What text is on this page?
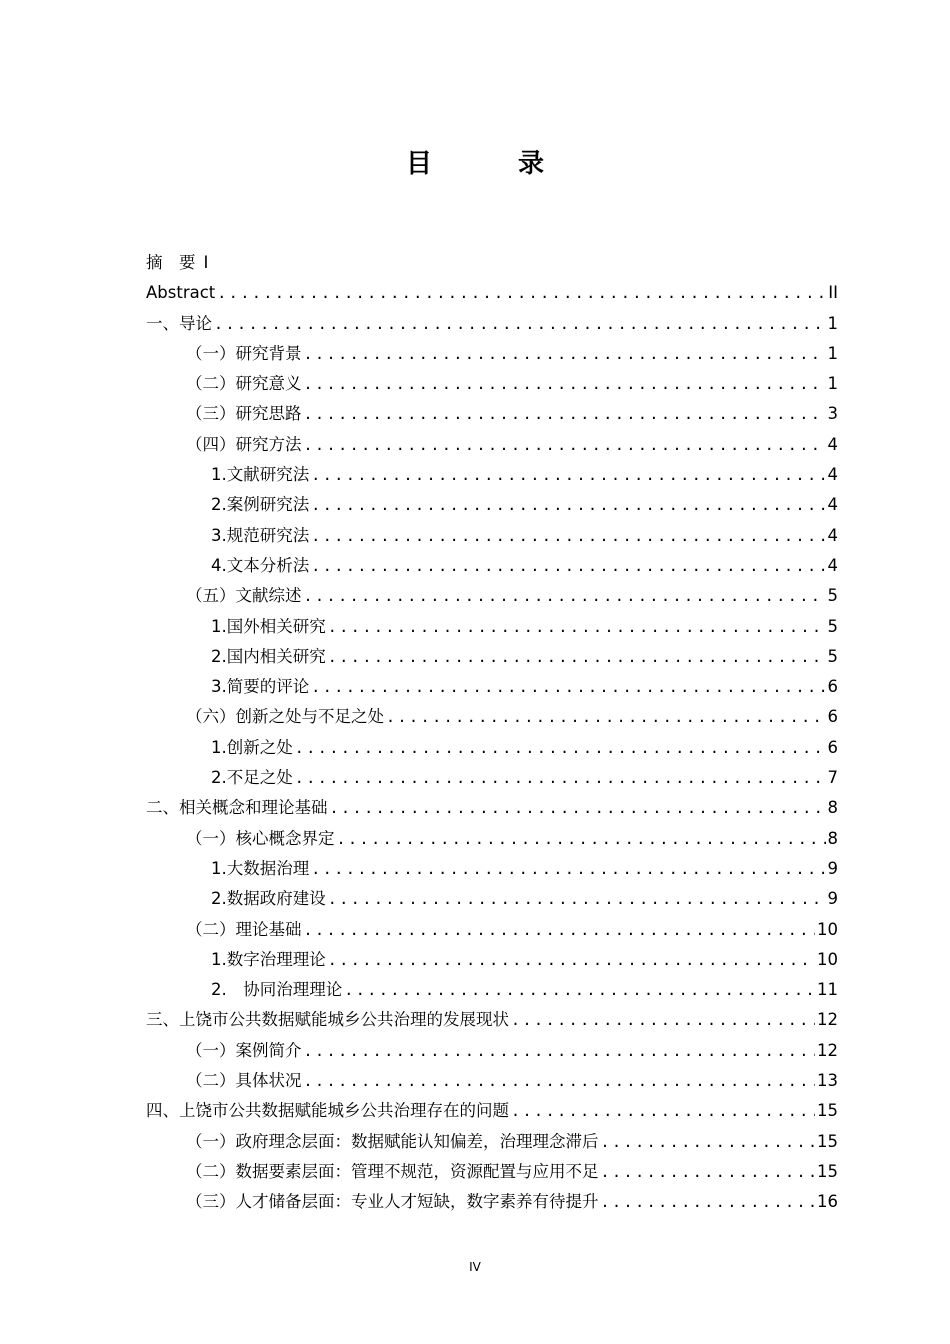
目　录
摘　要 I
Abstract .....	II
一、导论 .....	1
（一）研究背景 .....	1
（二）研究意义 .....	1
（三）研究思路 .....	3
（四）研究方法 .....	4
1.文献研究法 .....	4
2.案例研究法 .....	4
3.规范研究法 .....	4
4.文本分析法 .....	4
（五）文献综述 .....	5
1.国外相关研究 .....	5
2.国内相关研究 .....	5
3.简要的评论 .....	6
（六）创新之处与不足之处 .....	6
1.创新之处 .....	6
2.不足之处 .....	7
二、相关概念和理论基础 .....	8
（一）核心概念界定 .....	8
1.大数据治理 .....	9
2.数据政府建设 .....	9
（二）理论基础 .....	10
1.数字治理理论 .....	10
2.　协同治理理论 .....	11
三、上饶市公共数据赋能城乡公共治理的发展现状 .....	12
（一）案例简介 .....	12
（二）具体状况 .....	13
四、上饶市公共数据赋能城乡公共治理存在的问题 .....	15
（一）政府理念层面：数据赋能认知偏差，治理理念滞后 .....	15
（二）数据要素层面：管理不规范，资源配置与应用不足 .....	15
（三）人才储备层面：专业人才短缺，数字素养有待提升 .....	16
IV
